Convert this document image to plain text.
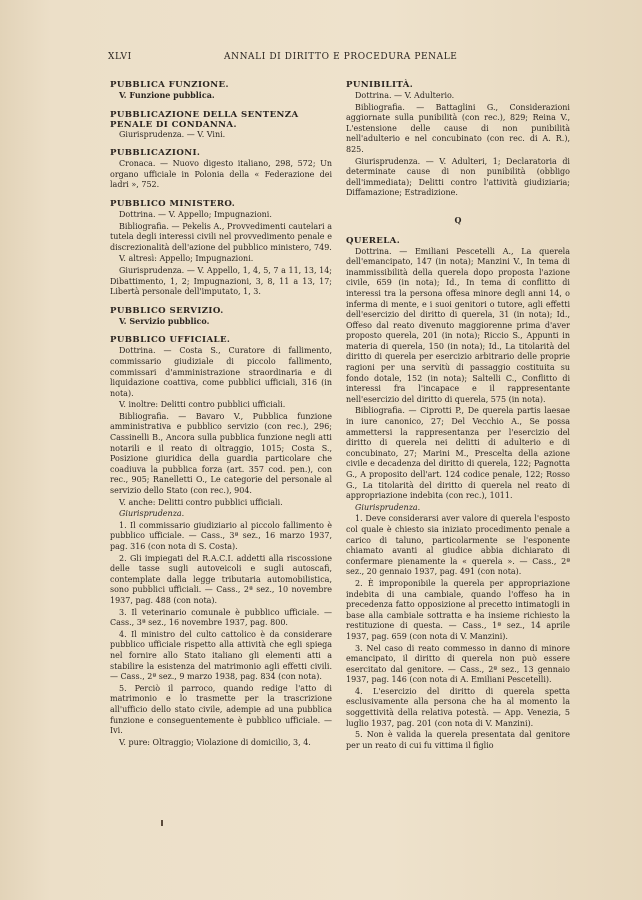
XLVI	ANNALI DI DIRITTO E PROCEDURA PENALE
PUBBLICA FUNZIONE.
V. Funzione pubblica.
PUBBLICAZIONE DELLA SENTENZA PENALE DI CONDANNA.
Giurisprudenza. — V. Vini.
PUBBLICAZIONI.
Cronaca. — Nuovo digesto italiano, 298, 572; Un organo ufficiale in Polonia della « Federazione dei ladri », 752.
PUBBLICO MINISTERO.
Dottrina. — V. Appello; Impugnazioni.
Bibliografia. — Pekelis A., Provvedimenti cautelari a tutela degli interessi civili nel provvedimento penale e discrezionalità dell'azione del pubblico ministero, 749.
V. altresì: Appello; Impugnazioni.
Giurisprudenza. — V. Appello, 1, 4, 5, 7 a 11, 13, 14; Dibattimento, 1, 2; Impugnazioni, 3, 8, 11 a 13, 17; Libertà personale dell'imputato, 1, 3.
PUBBLICO SERVIZIO.
V. Servizio pubblico.
PUBBLICO UFFICIALE.
Dottrina. — Costa S., Curatore di fallimento, commissario giudiziale di piccolo fallimento, commissari d'amministrazione straordinaria e di liquidazione coattiva, come pubblici ufficiali, 316 (in nota).
V. inoltre: Delitti contro pubblici ufficiali.
Bibliografia. — Bavaro V., Pubblica funzione amministrativa e pubblico servizio (con rec.), 296; Cassinelli B., Ancora sulla pubblica funzione negli atti notarili e il reato di oltraggio, 1015; Costa S., Posizione giuridica della guardia particolare che coadiuva la pubblica forza (art. 357 cod. pen.), con rec., 905; Ranelletti O., Le categorie del personale al servizio dello Stato (con rec.), 904.
V. anche: Delitti contro pubblici ufficiali.
Giurisprudenza.
1. Il commissario giudiziario al piccolo fallimento è pubblico ufficiale. — Cass., 3ª sez., 16 marzo 1937, pag. 316 (con nota di S. Costa).
2. Gli impiegati del R.A.C.I. addetti alla riscossione delle tasse sugli autoveicoli e sugli autoscafi, contemplate dalla legge tributaria automobilistica, sono pubblici ufficiali. — Cass., 2ª sez., 10 novembre 1937, pag. 488 (con nota).
3. Il veterinario comunale è pubblico ufficiale. — Cass., 3ª sez., 16 novembre 1937, pag. 800.
4. Il ministro del culto cattolico è da considerare pubblico ufficiale rispetto alla attività che egli spiega nel fornire allo Stato italiano gli elementi atti a stabilire la esistenza del matrimonio agli effetti civili. — Cass., 2ª sez., 9 marzo 1938, pag. 834 (con nota).
5. Perciò il parroco, quando redige l'atto di matrimonio e lo trasmette per la trascrizione all'ufficio dello stato civile, adempie ad una pubblica funzione e conseguentemente è pubblico ufficiale. — Ivi.
V. pure: Oltraggio; Violazione di domicilio, 3, 4.
PUNIBILITÀ.
Dottrina. — V. Adulterio.
Bibliografia. — Battaglini G., Considerazioni aggiornate sulla punibilità (con rec.), 829; Reina V., L'estensione delle cause di non punibilità nell'adulterio e nel concubinato (con rec. di A. R.), 825.
Giurisprudenza. — V. Adulteri, 1; Declaratoria di determinate cause di non punibilità (obbligo dell'immediata); Delitti contro l'attività giudiziaria; Diffamazione; Estradizione.
Q
QUERELA.
Dottrina. — Emiliani Pescetelli A., La querela dell'emancipato, 147 (in nota); Manzini V., In tema di inammissibilità della querela dopo proposta l'azione civile, 659 (in nota); Id., In tema di conflitto di interessi tra la persona offesa minore degli anni 14, o inferma di mente, e i suoi genitori o tutore, agli effetti dell'esercizio del diritto di querela, 31 (in nota); Id., Offeso dal reato divenuto maggiorenne prima d'aver proposto querela, 201 (in nota); Riccio S., Appunti in materia di querela, 150 (in nota); Id., La titolarità del diritto di querela per esercizio arbitrario delle proprie ragioni per una servitù di passaggio costituita su fondo dotale, 152 (in nota); Saltelli C., Conflitto di interessi fra l'incapace e il rappresentante nell'esercizio del diritto di querela, 575 (in nota).
Bibliografia. — Ciprotti P., De querela partis laesae in iure canonico, 27; Del Vecchio A., Se possa ammettersi la rappresentanza per l'esercizio del diritto di querela nei delitti di adulterio e di concubinato, 27; Marini M., Prescelta della azione civile e decadenza del diritto di querela, 122; Pagnotta G., A proposito dell'art. 124 codice penale, 122; Rosso G., La titolarità del diritto di querela nel reato di appropriazione indebita (con rec.), 1011.
Giurisprudenza.
1. Deve considerarsi aver valore di querela l'esposto col quale è chiesto sia iniziato procedimento penale a carico di taluno, particolarmente se l'esponente chiamato avanti al giudice abbia dichiarato di confermare pienamente la « querela ». — Cass., 2ª sez., 20 gennaio 1937, pag. 491 (con nota).
2. È improponibile la querela per appropriazione indebita di una cambiale, quando l'offeso ha in precedenza fatto opposizione al precetto intimatogli in base alla cambiale sottratta e ha insieme richiesto la restituzione di questa. — Cass., 1ª sez., 14 aprile 1937, pag. 659 (con nota di V. Manzini).
3. Nel caso di reato commesso in danno di minore emancipato, il diritto di querela non può essere esercitato dal genitore. — Cass., 2ª sez., 13 gennaio 1937, pag. 146 (con nota di A. Emiliani Pescetelli).
4. L'esercizio del diritto di querela spetta esclusivamente alla persona che ha al momento la soggettività della relativa potestà. — App. Venezia, 5 luglio 1937, pag. 201 (con nota di V. Manzini).
5. Non è valida la querela presentata dal genitore per un reato di cui fu vittima il figlio
